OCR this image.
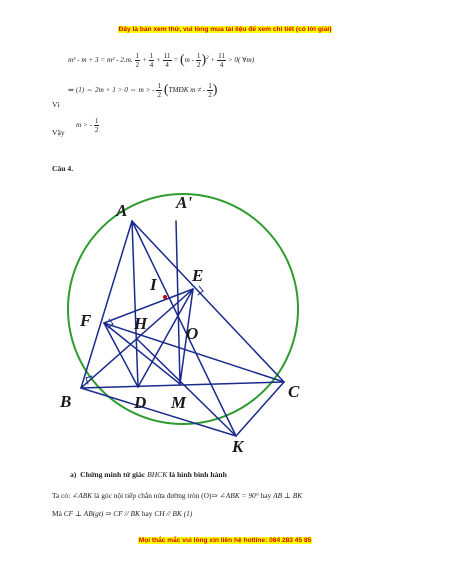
Đây là bản xem thử, vui lòng mua tài liệu để xem chi tiết (có lời giải)
m² - m + 3 = m² - 2.m. $\frac{1}{2} + \frac{1}{4} + \frac{11}{4} = (m - \frac{1}{2} )^2 + \frac{11}{4} > 0$( ∀m)
⇒ (1) ⇔ 2m + 1 > 0 ⇔ m > - $\frac{1}{2}$ (TMĐK m ≠ - $\frac{1}{2}$ )
Vì
m > - $\frac{1}{2}$
Vậy
Câu 4.
A	A'
I E
F	H
O
B	D M
C
K
a) Chứng minh tứ giác BHCK là hình bình hành
Ta có: ∠ABK là góc nội tiếp chắn nửa đường tròn (O)⇒ ∠ABK = 90° hay AB ⊥ BK
Mà CF ⊥ AB(gt) ⇒ CF // BK hay CH // BK (1)
Mọi thắc mắc vui lòng xin liên hệ hotline: 084 283 45 85
